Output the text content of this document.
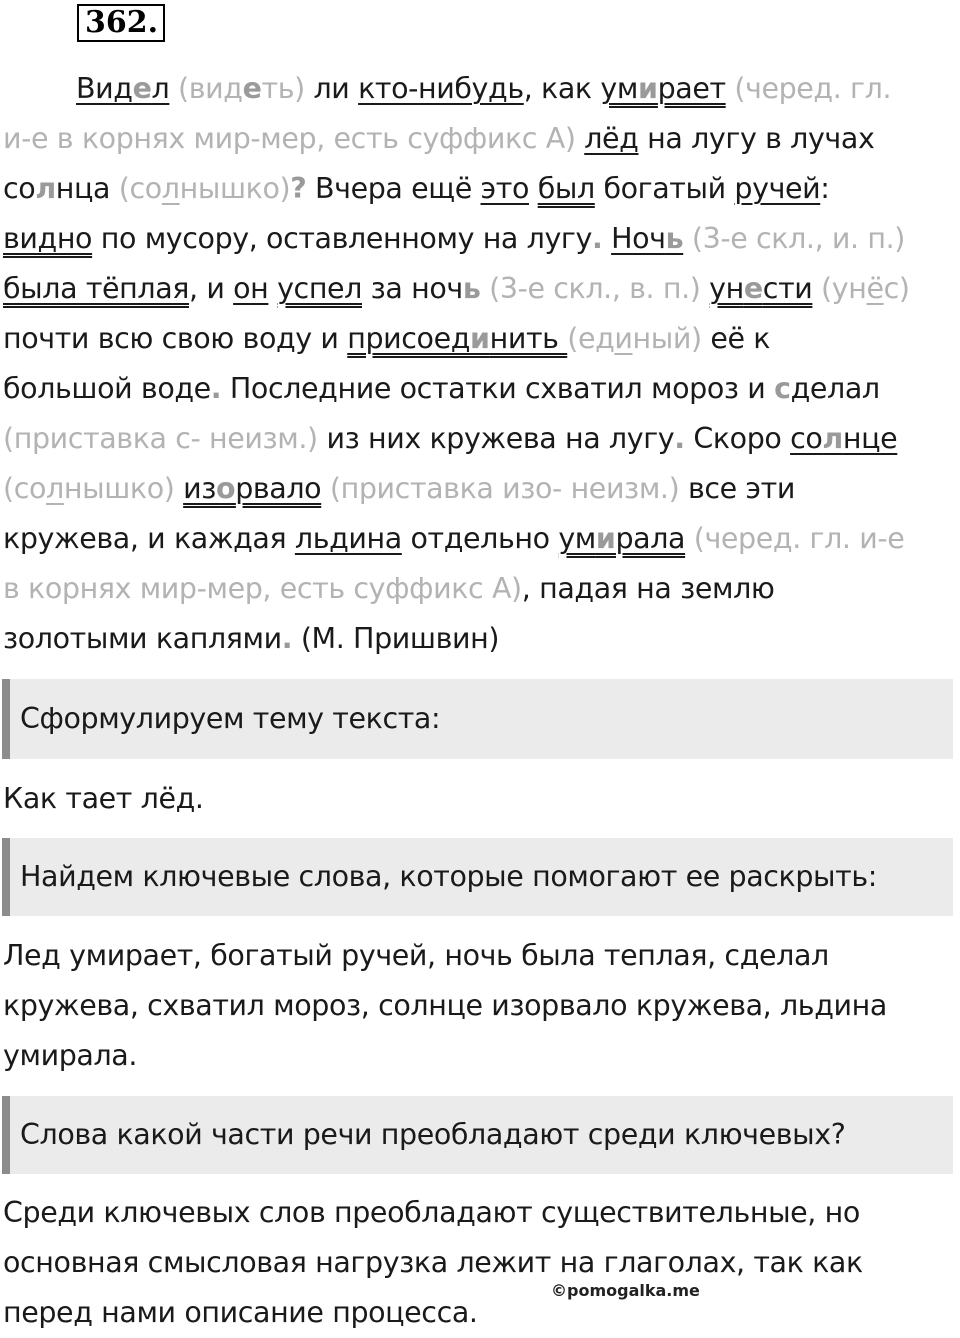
362.
Видел (видеть) ли кто-нибудь, как умирает (черед. гл.
и-е в корнях мир-мер, есть суффикс А) лёд на лугу в лучах
солнца (солнышко)? Вчера ещё это был богатый ручей:
видно по мусору, оставленному на лугу. Ночь (3-е скл., и. п.)
была тёплая, и он успел за ночь (3-е скл., в. п.) унести (унёс)
почти всю свою воду и присоединить (единый) её к
большой воде. Последние остатки схватил мороз и сделал
(приставка с- неизм.) из них кружева на лугу. Скоро солнце
(солнышко) изорвало (приставка изо- неизм.) все эти
кружева, и каждая льдина отдельно умирала (черед. гл. и-е
в корнях мир-мер, есть суффикс А), падая на землю
золотыми каплями. (М. Пришвин)
Сформулируем тему текста:
Как тает лёд.
Найдем ключевые слова, которые помогают ее раскрыть:
Лед умирает, богатый ручей, ночь была теплая, сделал
кружева, схватил мороз, солнце изорвало кружева, льдина
умирала.
Слова какой части речи преобладают среди ключевых?
Среди ключевых слов преобладают существительные, но
основная смысловая нагрузка лежит на глаголах, так как
перед нами описание процесса.
©pomogalka.me
